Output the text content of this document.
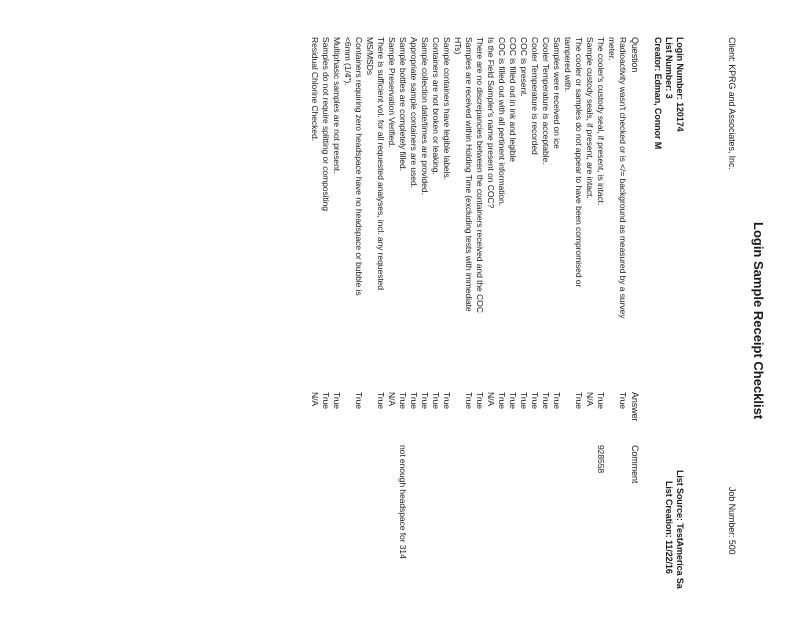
Login Sample Receipt Checklist
Client: KPRG and Associates, Inc.
Job Number: 500
Login Number: 120174
List Source: TestAmerica Sa
List Number: 3
List Creation: 11/22/16
Creator: Edman, Connor M
Question
Answer
Comment
Radioactivity wasn't checked or is </= background as measured by a survey
True
meter.
The cooler's custody seal, if present, is intact.
True
928558
Sample custody seals, if present, are intact.
N/A
The cooler or samples do not appear to have been compromised or
True
tampered with.
Samples were received on ice
True
Cooler Temperature is acceptable.
True
Cooler Temperature is recorded
True
COC is present.
True
COC is filled out in ink and legible
True
COC is filled out with all pertinent information.
True
Is the Field Sampler's name present on COC?
N/A
There are no discrepancies between the containers received and the COC
True
Samples are received within Holding Time (excluding tests with immediate
True
HTs)
Sample containers have legible labels.
True
Containers are not broken or leaking.
True
Sample collection date/times are provided.
True
Appropriate sample containers are used.
True
Sample bottles are completely filled.
True
not enough headspace for 314
Sample Preservation Verified.
N/A
There is sufficient vol. for all requested analyses, incl. any requested
True
MS/MSDs
Containers requiring zero headspace have no headspace or bubble is
True
<6mm (1/4").
Multiphasic samples are not present.
True
Samples do not require splitting or compositing
True
Residual Chlorine Checked.
N/A
